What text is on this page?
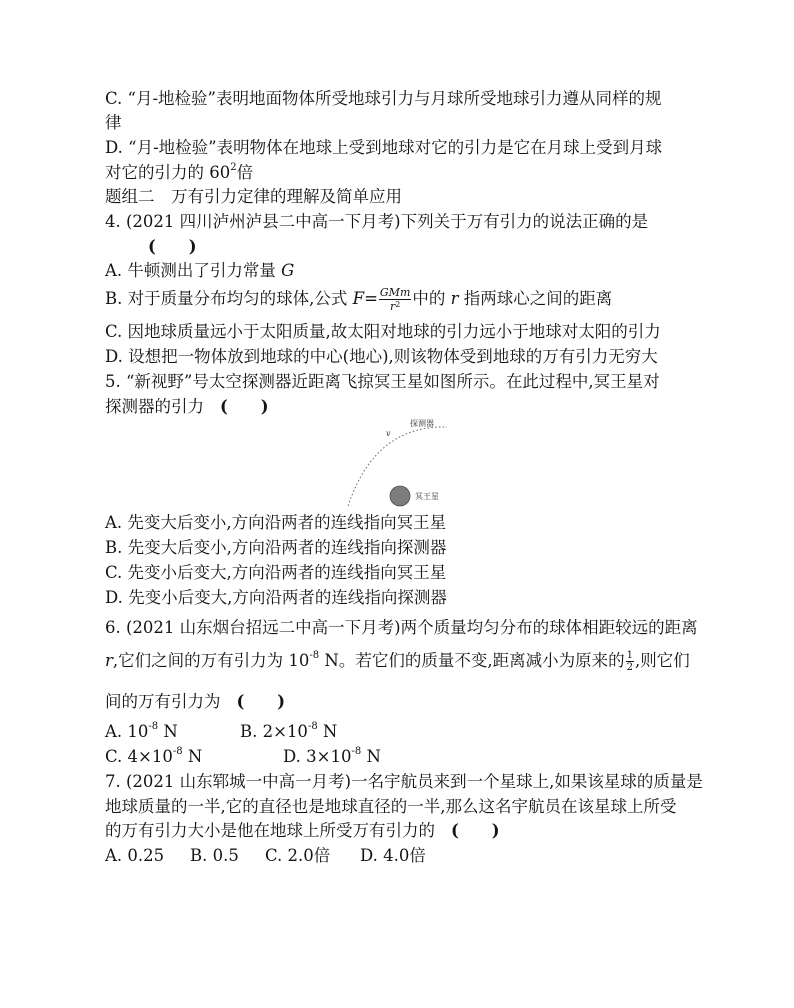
C. “月-地检验”表明地面物体所受地球引力与月球所受地球引力遵从同样的规
律
D. “月-地检验”表明物体在地球上受到地球对它的引力是它在月球上受到月球
对它的引力的 $60^2$倍
题组二　万有引力定律的理解及简单应用
4. (2021 四川泸州泸县二中高一下月考)下列关于万有引力的说法正确的是
(　　)
A. 牛顿测出了引力常量 G
B. 对于质量分布均匀的球体,公式 $F= \frac{\text{GMm}}{r^2}$ 中的 r 指两球心之间的距离
C. 因地球质量远小于太阳质量,故太阳对地球的引力远小于地球对太阳的引力
D. 设想把一物体放到地球的中心(地心),则该物体受到地球的万有引力无穷大
5. “新视野”号太空探测器近距离飞掠冥王星如图所示。在此过程中,冥王星对
探测器的引力 (　　)
v
探测器
冥王星
A. 先变大后变小,方向沿两者的连线指向冥王星
B. 先变大后变小,方向沿两者的连线指向探测器
C. 先变小后变大,方向沿两者的连线指向冥王星
D. 先变小后变大,方向沿两者的连线指向探测器
6. (2021 山东烟台招远二中高一下月考)两个质量均匀分布的球体相距较远的距离
r,它们之间的万有引力为 $10^{-8}$ N。若它们的质量不变,距离减小为原来的 $\frac{1}{2}$ ,则它们
间的万有引力为 (　　)
A. $10^{-8}$ N	B. $2\times 10^{-8}$ N
C. $4\times 10^{-8}$ N	D. $3\times 10^{-8}$ N
7. (2021 山东郓城一中高一月考)一名宇航员来到一个星球上,如果该星球的质量是
地球质量的一半,它的直径也是地球直径的一半,那么这名宇航员在该星球上所受
的万有引力大小是他在地球上所受万有引力的 (　　)
A. 0.25 B. 0.5 C. 2.0倍 D. 4.0倍
